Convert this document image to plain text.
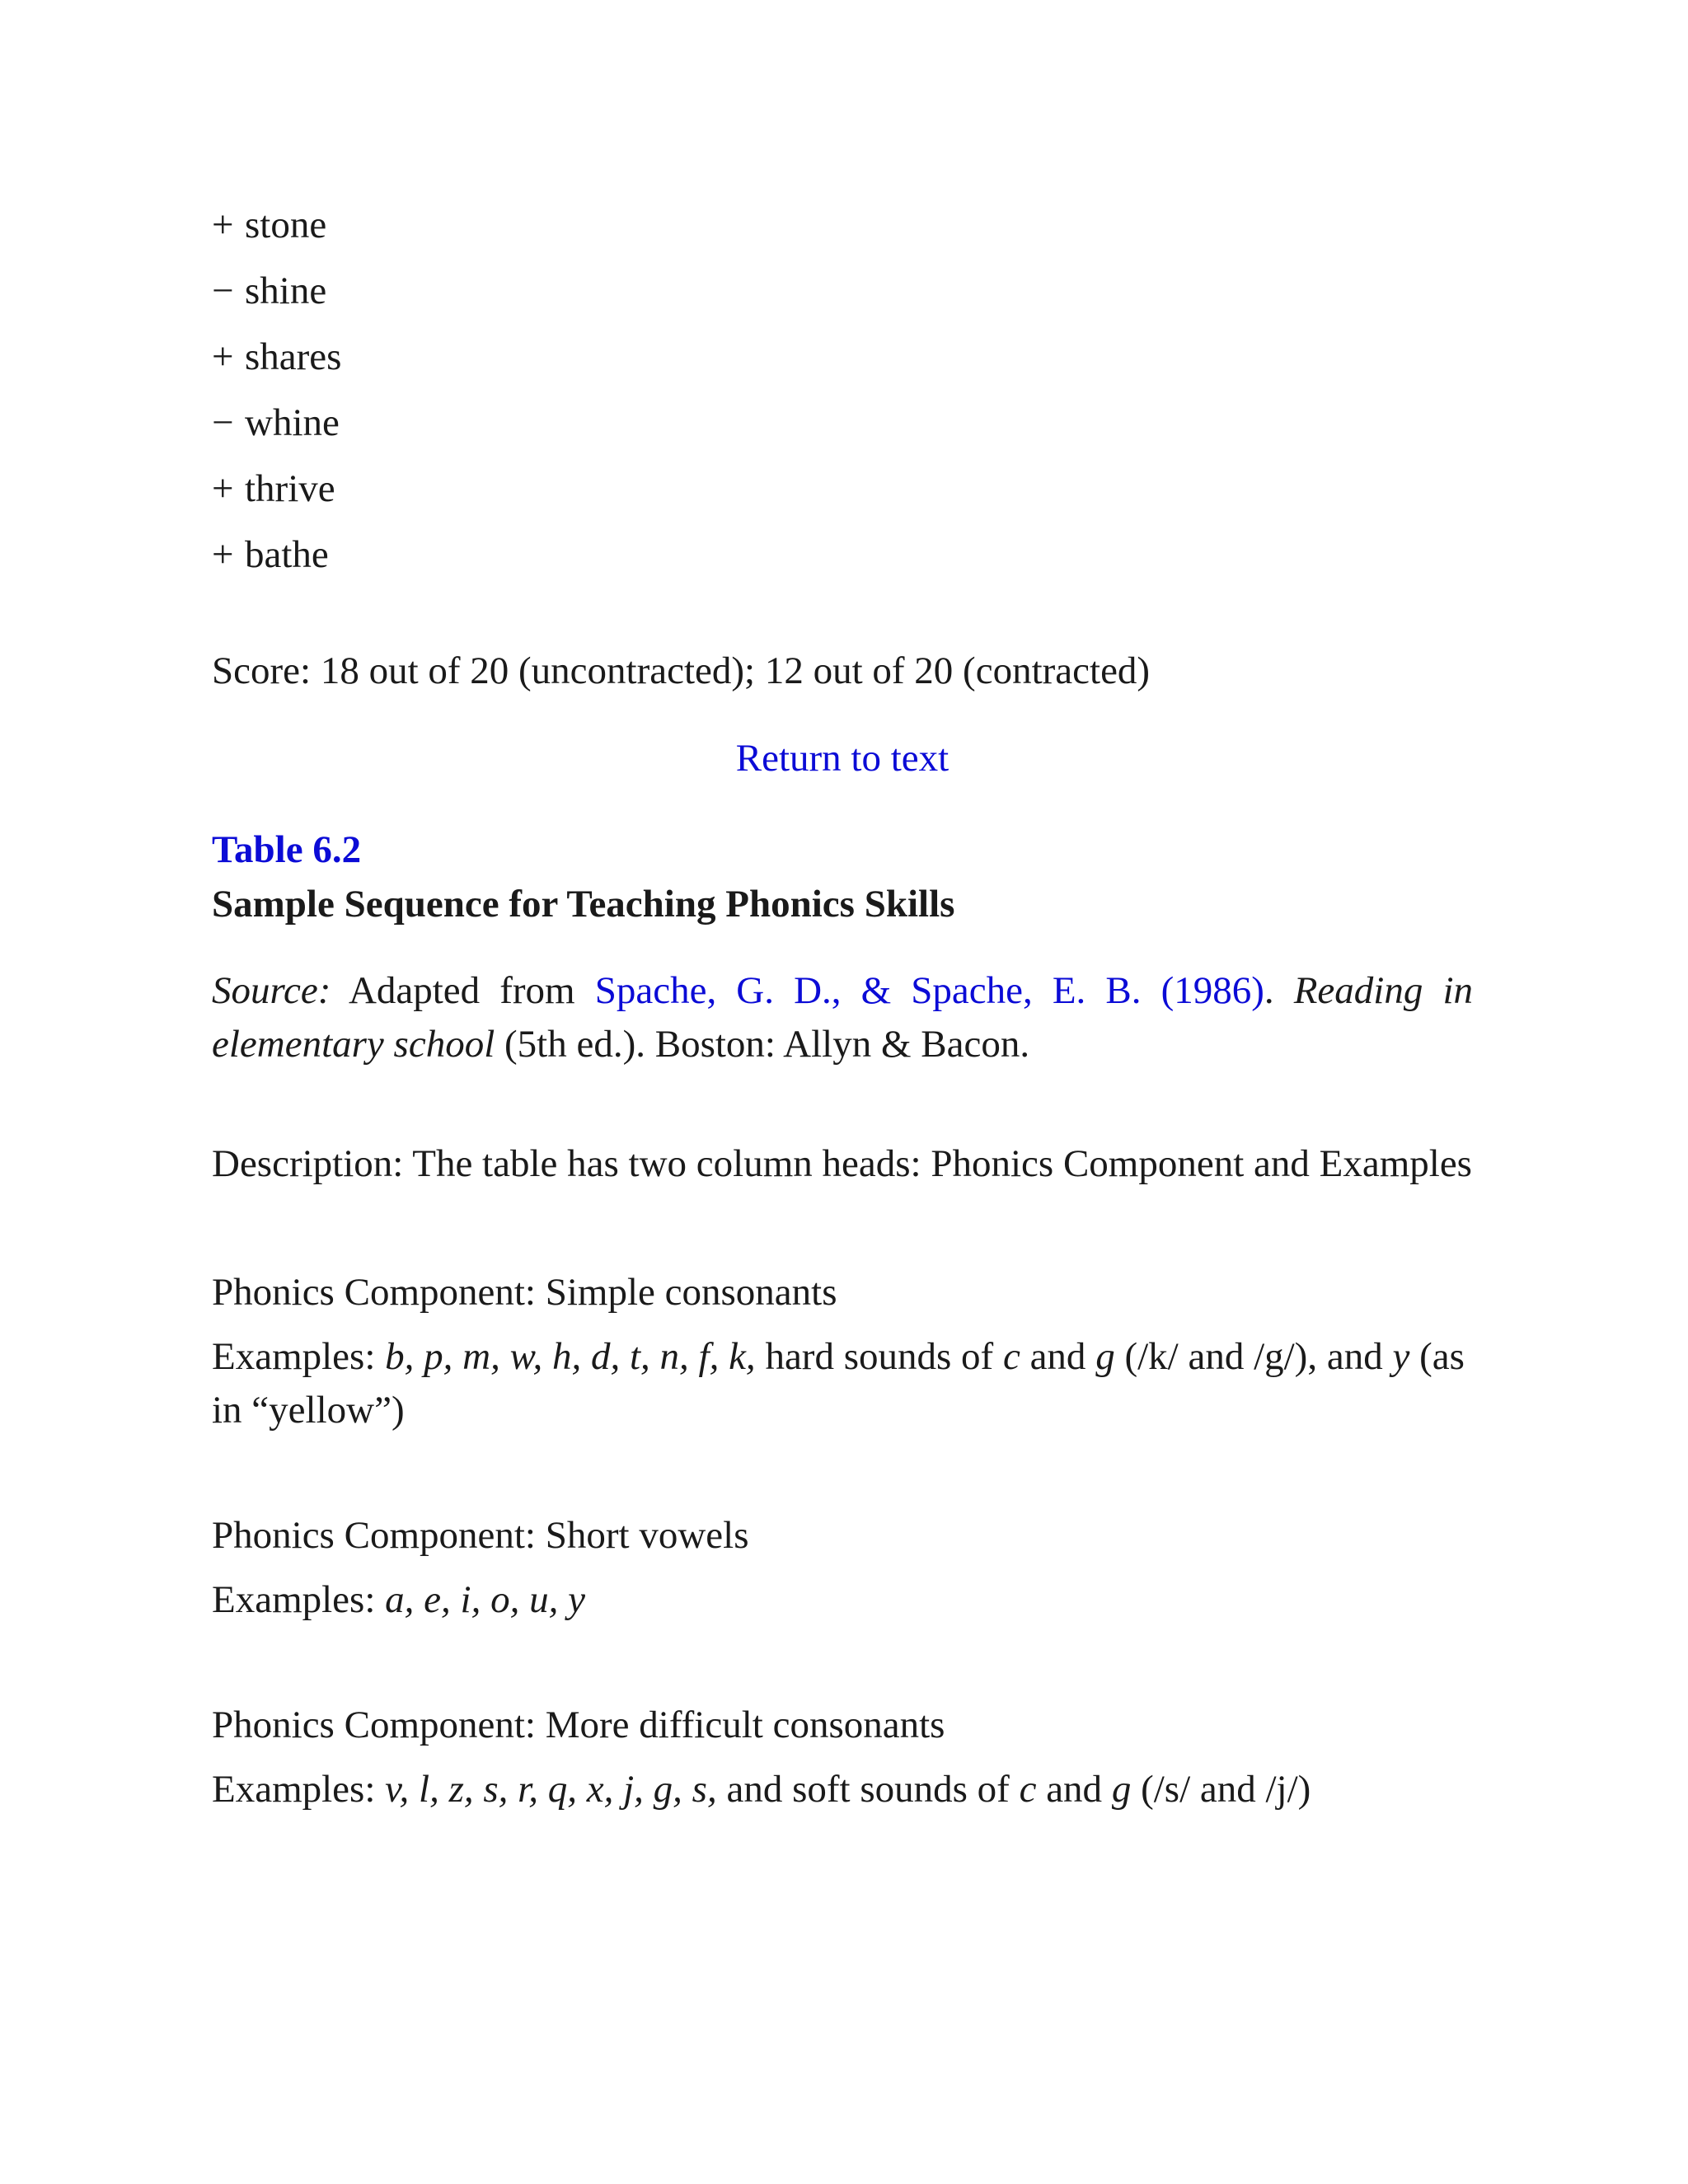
+ stone

− shine

+ shares

− whine

+ thrive

+ bathe

Score: 18 out of 20 (uncontracted); 12 out of 20 (contracted)
Return to text
Table 6.2
Sample Sequence for Teaching Phonics Skills
Source: Adapted from Spache, G. D., & Spache, E. B. (1986). Reading in elementary school (5th ed.). Boston: Allyn & Bacon.
Description: The table has two column heads: Phonics Component and Examples
Phonics Component: Simple consonants
Examples: b, p, m, w, h, d, t, n, f, k, hard sounds of c and g (/k/ and /g/), and y (as in “yellow”)
Phonics Component: Short vowels
Examples: a, e, i, o, u, y
Phonics Component: More difficult consonants
Examples: v, l, z, s, r, q, x, j, g, s, and soft sounds of c and g (/s/ and /j/)
